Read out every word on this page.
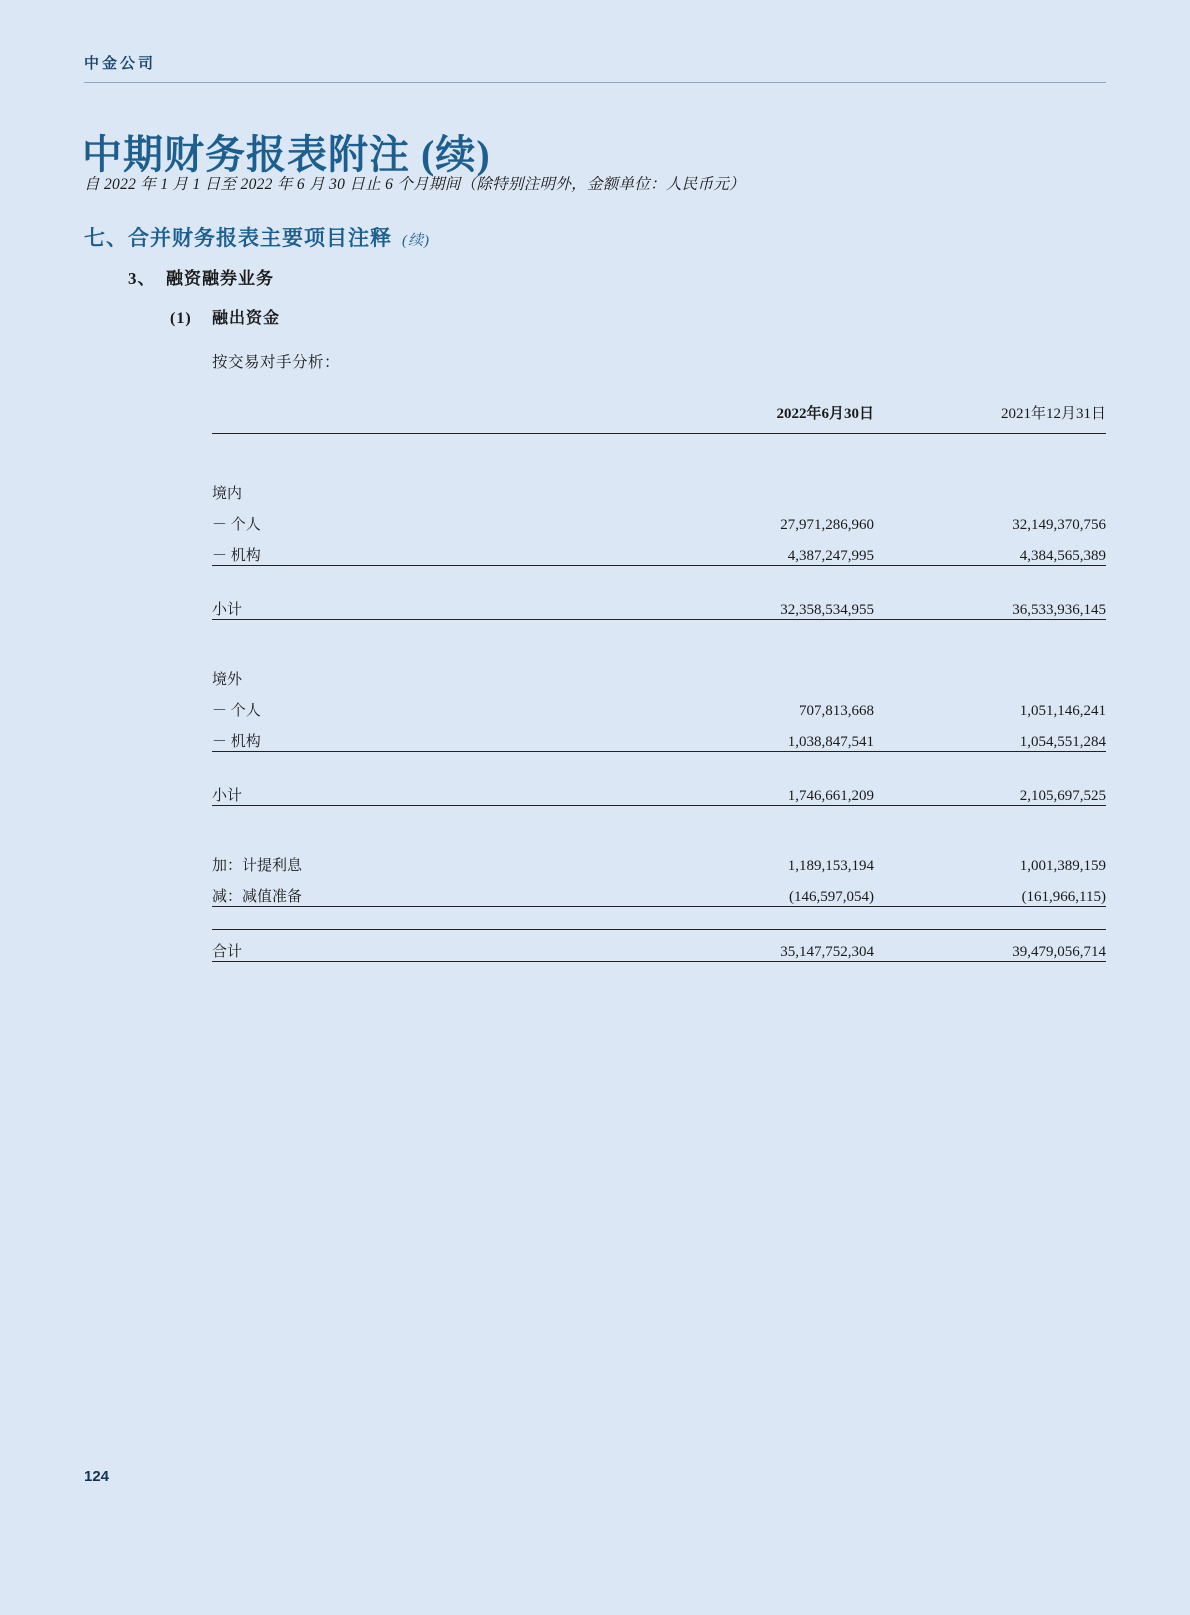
中金公司
中期财务报表附注 (续)
自 2022 年 1 月 1 日至 2022 年 6 月 30 日止 6 个月期间（除特别注明外，金额单位：人民币元）
七、合并财务报表主要项目注释 (续)
3、 融资融券业务
(1) 融出资金
按交易对手分析：
	2022年6月30日	2021年12月31日

境内		
－ 个人	27,971,286,960	32,149,370,756
－ 机构	4,387,247,995	4,384,565,389

小计	32,358,534,955	36,533,936,145

境外		
－ 个人	707,813,668	1,051,146,241
－ 机构	1,038,847,541	1,054,551,284

小计	1,746,661,209	2,105,697,525

加：计提利息	1,189,153,194	1,001,389,159
减：减值准备	(146,597,054)	(161,966,115)

合计	35,147,752,304	39,479,056,714
124
